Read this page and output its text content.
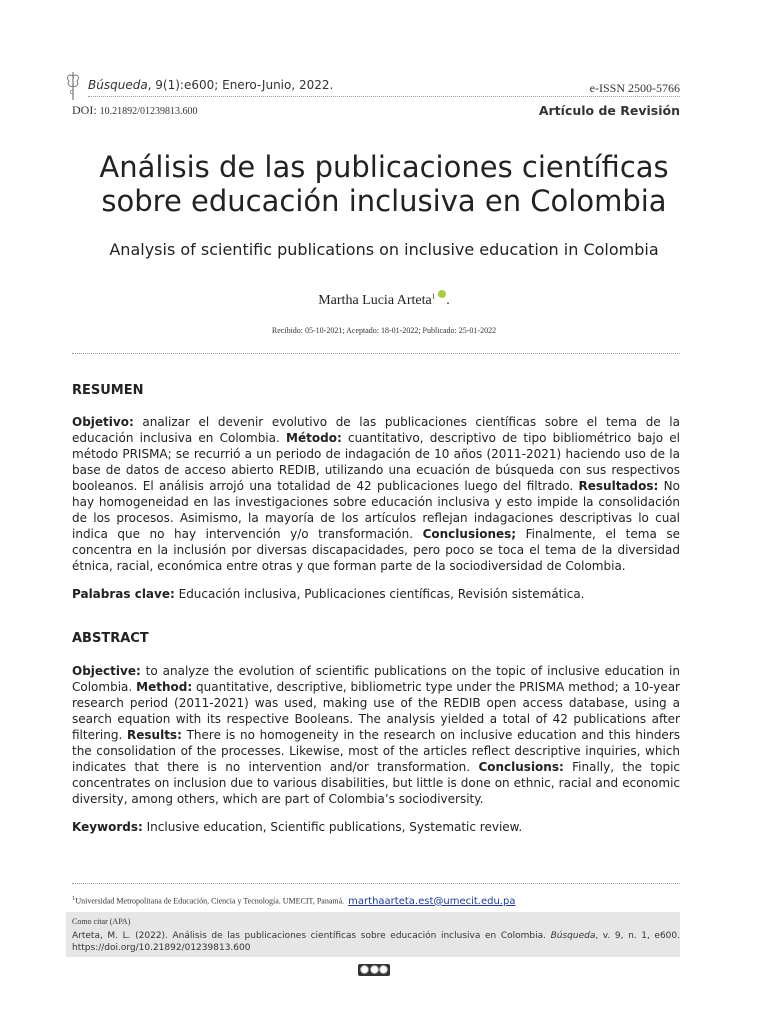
Búsqueda, 9(1):e600; Enero-Junio, 2022.	e-ISSN 2500-5766
DOI: 10.21892/01239813.600	Artículo de Revisión
Análisis de las publicaciones científicas
sobre educación inclusiva en Colombia
Analysis of scientific publications on inclusive education in Colombia
Martha Lucia Arteta$^1$ .
Recibido: 05-10-2021; Aceptado: 18-01-2022; Publicado: 25-01-2022
RESUMEN
Objetivo: analizar el devenir evolutivo de las publicaciones científicas sobre el tema de la educación inclusiva en Colombia. Método: cuantitativo, descriptivo de tipo bibliométrico bajo el método PRISMA; se recurrió a un periodo de indagación de 10 años (2011-2021) haciendo uso de la base de datos de acceso abierto REDIB, utilizando una ecuación de búsqueda con sus respectivos booleanos. El análisis arrojó una totalidad de 42 publicaciones luego del filtrado. Resultados: No hay homogeneidad en las investigaciones sobre educación inclusiva y esto impide la consolidación de los procesos. Asimismo, la mayoría de los artículos reflejan indagaciones descriptivas lo cual indica que no hay intervención y/o transformación. Conclusiones; Finalmente, el tema se concentra en la inclusión por diversas discapacidades, pero poco se toca el tema de la diversidad étnica, racial, económica entre otras y que forman parte de la sociodiversidad de Colombia.
Palabras clave: Educación inclusiva, Publicaciones científicas, Revisión sistemática.
ABSTRACT
Objective: to analyze the evolution of scientific publications on the topic of inclusive education in Colombia. Method: quantitative, descriptive, bibliometric type under the PRISMA method; a 10-year research period (2011-2021) was used, making use of the REDIB open access database, using a search equation with its respective Booleans. The analysis yielded a total of 42 publications after filtering. Results: There is no homogeneity in the research on inclusive education and this hinders the consolidation of the processes. Likewise, most of the articles reflect descriptive inquiries, which indicates that there is no intervention and/or transformation. Conclusions: Finally, the topic concentrates on inclusion due to various disabilities, but little is done on ethnic, racial and economic diversity, among others, which are part of Colombia’s sociodiversity.
Keywords: Inclusive education, Scientific publications, Systematic review.
$^1$Universidad Metropolitana de Educación, Ciencia y Tecnología. UMECIT, Panamá. marthaarteta.est@umecit.edu.pa
Como citar (APA)
Arteta, M. L. (2022). Análisis de las publicaciones científicas sobre educación inclusiva en Colombia. Búsqueda, v. 9, n. 1, e600. https://doi.org/10.21892/01239813.600
